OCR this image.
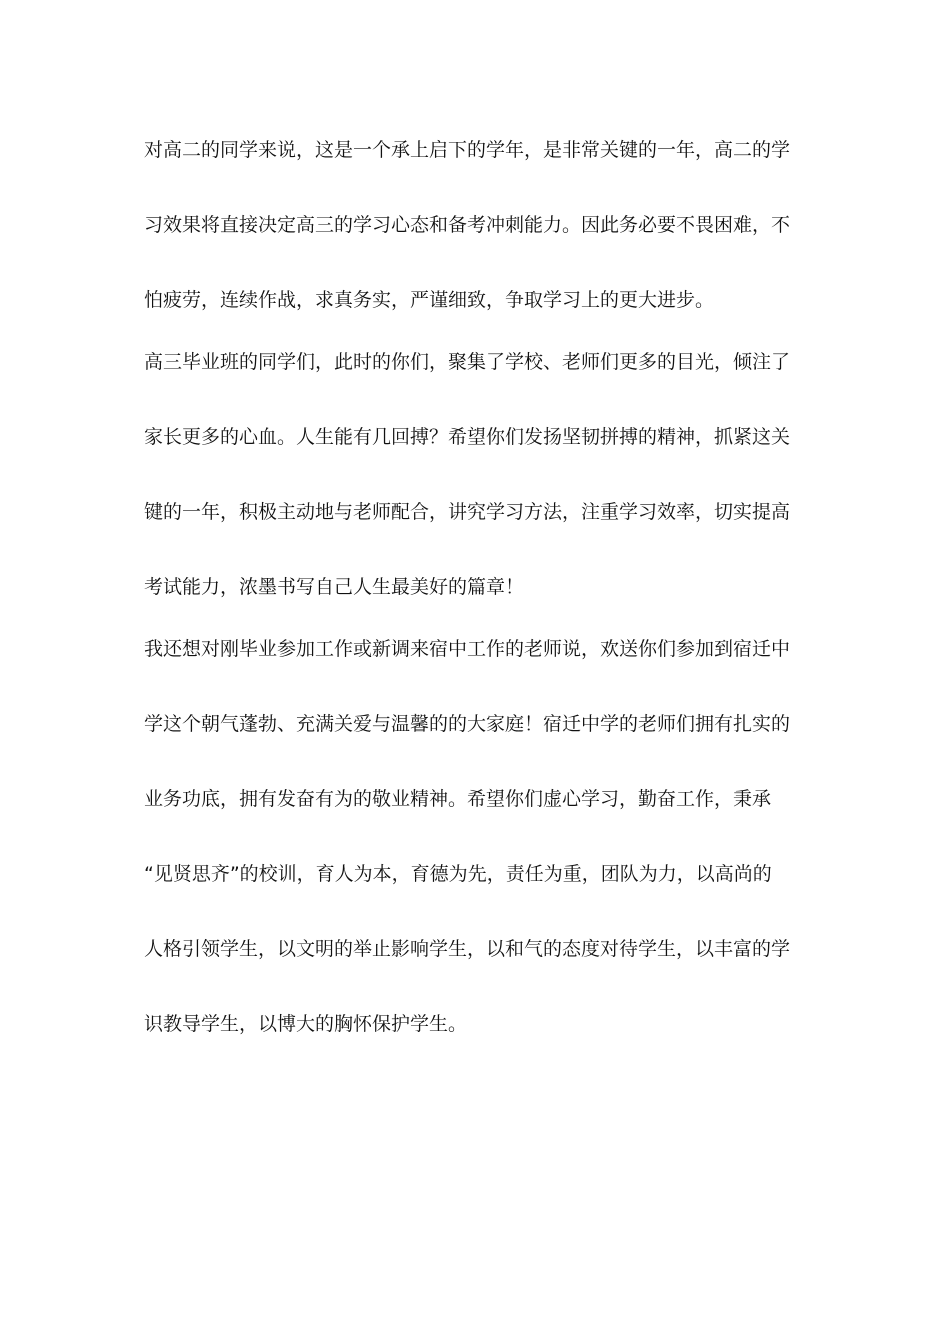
对高二的同学来说，这是一个承上启下的学年，是非常关键的一年，高二的学
习效果将直接决定高三的学习心态和备考冲刺能力。因此务必要不畏困难，不
怕疲劳，连续作战，求真务实，严谨细致，争取学习上的更大进步。
高三毕业班的同学们，此时的你们，聚集了学校、老师们更多的目光，倾注了
家长更多的心血。人生能有几回搏？希望你们发扬坚韧拼搏的精神，抓紧这关
键的一年，积极主动地与老师配合，讲究学习方法，注重学习效率，切实提高
考试能力，浓墨书写自己人生最美好的篇章！
我还想对刚毕业参加工作或新调来宿中工作的老师说，欢送你们参加到宿迁中
学这个朝气蓬勃、充满关爱与温馨的的大家庭！宿迁中学的老师们拥有扎实的
业务功底，拥有发奋有为的敬业精神。希望你们虚心学习，勤奋工作，秉承
“见贤思齐”的校训，育人为本，育德为先，责任为重，团队为力，以高尚的
人格引领学生，以文明的举止影响学生，以和气的态度对待学生，以丰富的学
识教导学生，以博大的胸怀保护学生。
